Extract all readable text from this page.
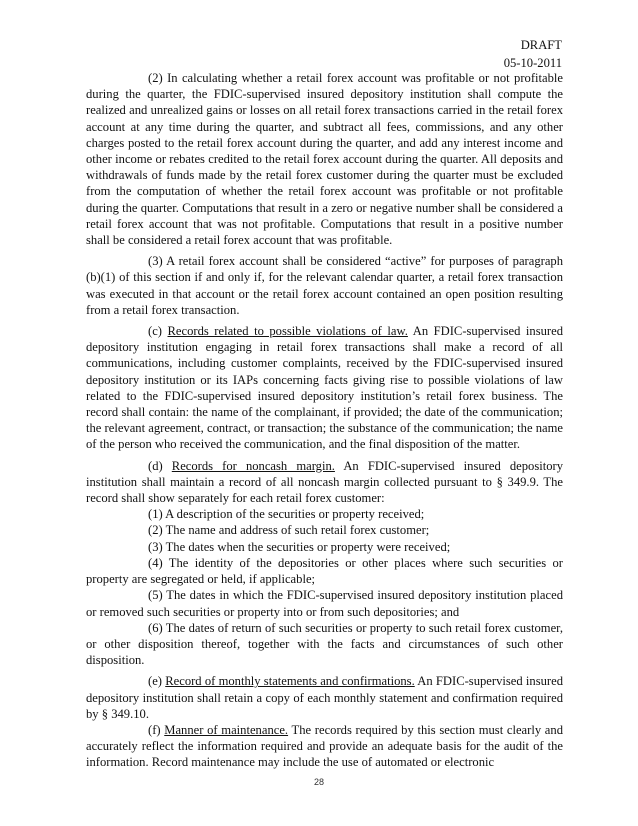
DRAFT
05-10-2011

(2) In calculating whether a retail forex account was profitable or not profitable during the quarter, the FDIC-supervised insured depository institution shall compute the realized and unrealized gains or losses on all retail forex transactions carried in the retail forex account at any time during the quarter, and subtract all fees, commissions, and any other charges posted to the retail forex account during the quarter, and add any interest income and other income or rebates credited to the retail forex account during the quarter. All deposits and withdrawals of funds made by the retail forex customer during the quarter must be excluded from the computation of whether the retail forex account was profitable or not profitable during the quarter. Computations that result in a zero or negative number shall be considered a retail forex account that was not profitable. Computations that result in a positive number shall be considered a retail forex account that was profitable.

(3) A retail forex account shall be considered “active” for purposes of paragraph (b)(1) of this section if and only if, for the relevant calendar quarter, a retail forex transaction was executed in that account or the retail forex account contained an open position resulting from a retail forex transaction.

(c) Records related to possible violations of law. An FDIC-supervised insured depository institution engaging in retail forex transactions shall make a record of all communications, including customer complaints, received by the FDIC-supervised insured depository institution or its IAPs concerning facts giving rise to possible violations of law related to the FDIC-supervised insured depository institution’s retail forex business. The record shall contain: the name of the complainant, if provided; the date of the communication; the relevant agreement, contract, or transaction; the substance of the communication; the name of the person who received the communication, and the final disposition of the matter.

(d) Records for noncash margin. An FDIC-supervised insured depository institution shall maintain a record of all noncash margin collected pursuant to § 349.9. The record shall show separately for each retail forex customer:

(1) A description of the securities or property received;

(2) The name and address of such retail forex customer;

(3) The dates when the securities or property were received;

(4) The identity of the depositories or other places where such securities or property are segregated or held, if applicable;

(5) The dates in which the FDIC-supervised insured depository institution placed or removed such securities or property into or from such depositories; and

(6) The dates of return of such securities or property to such retail forex customer, or other disposition thereof, together with the facts and circumstances of such other disposition.

(e) Record of monthly statements and confirmations. An FDIC-supervised insured depository institution shall retain a copy of each monthly statement and confirmation required by § 349.10.

(f) Manner of maintenance. The records required by this section must clearly and accurately reflect the information required and provide an adequate basis for the audit of the information. Record maintenance may include the use of automated or electronic

28
